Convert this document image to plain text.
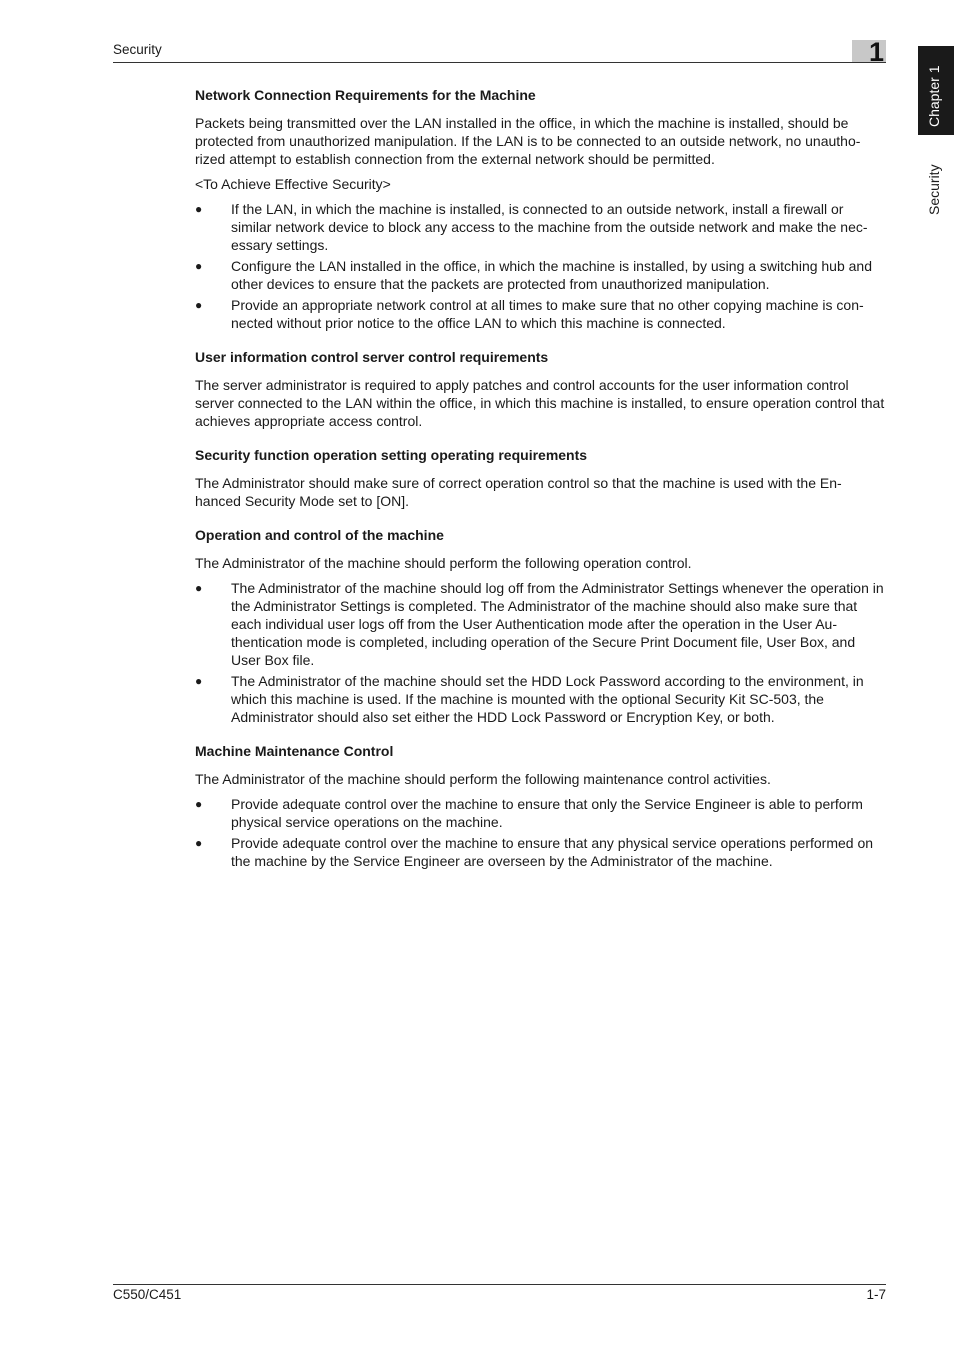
Security	1
Chapter 1
Security
Network Connection Requirements for the Machine

Packets being transmitted over the LAN installed in the office, in which the machine is installed, should be protected from unauthorized manipulation. If the LAN is to be connected to an outside network, no unautho-rized attempt to establish connection from the external network should be permitted.

<To Achieve Effective Security>

● If the LAN, in which the machine is installed, is connected to an outside network, install a firewall or similar network device to block any access to the machine from the outside network and make the nec-essary settings.
● Configure the LAN installed in the office, in which the machine is installed, by using a switching hub and other devices to ensure that the packets are protected from unauthorized manipulation.
● Provide an appropriate network control at all times to make sure that no other copying machine is con-nected without prior notice to the office LAN to which this machine is connected.
User information control server control requirements

The server administrator is required to apply patches and control accounts for the user information control server connected to the LAN within the office, in which this machine is installed, to ensure operation control that achieves appropriate access control.

Security function operation setting operating requirements

The Administrator should make sure of correct operation control so that the machine is used with the En-hanced Security Mode set to [ON].

Operation and control of the machine

The Administrator of the machine should perform the following operation control.

● The Administrator of the machine should log off from the Administrator Settings whenever the operation in the Administrator Settings is completed. The Administrator of the machine should also make sure that each individual user logs off from the User Authentication mode after the operation in the User Au-thentication mode is completed, including operation of the Secure Print Document file, User Box, and User Box file.
● The Administrator of the machine should set the HDD Lock Password according to the environment, in which this machine is used. If the machine is mounted with the optional Security Kit SC-503, the Administrator should also set either the HDD Lock Password or Encryption Key, or both.
Machine Maintenance Control

The Administrator of the machine should perform the following maintenance control activities.

● Provide adequate control over the machine to ensure that only the Service Engineer is able to perform physical service operations on the machine.
● Provide adequate control over the machine to ensure that any physical service operations performed on the machine by the Service Engineer are overseen by the Administrator of the machine.
C550/C451	1-7
